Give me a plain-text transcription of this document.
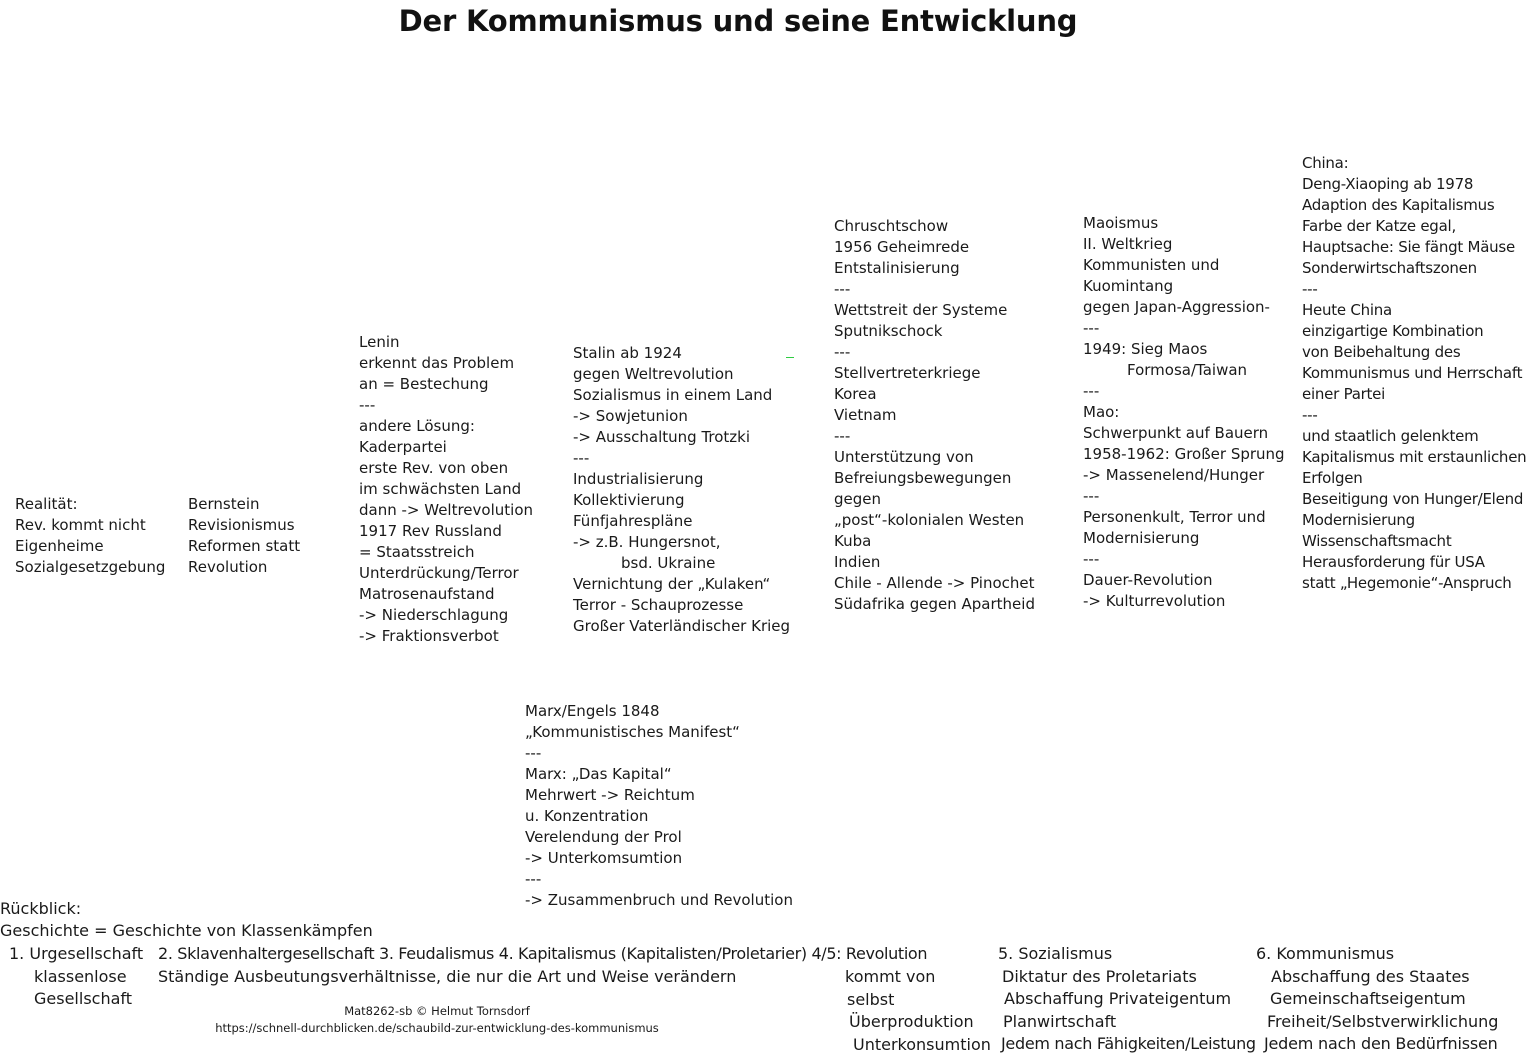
Der Kommunismus und seine Entwicklung
Realität:
Rev. kommt nicht
Eigenheime
Sozialgesetzgebung
Bernstein
Revisionismus
Reformen statt
Revolution
Lenin
erkennt das Problem
an = Bestechung
---
andere Lösung:
Kaderpartei
erste Rev. von oben
im schwächsten Land
dann -> Weltrevolution
1917 Rev Russland
= Staatsstreich
Unterdrückung/Terror
Matrosenaufstand
-> Niederschlagung
-> Fraktionsverbot
Stalin ab 1924
gegen Weltrevolution
Sozialismus in einem Land
-> Sowjetunion
-> Ausschaltung Trotzki
---
Industrialisierung
Kollektivierung
Fünfjahrespläne
-> z.B. Hungersnot,
bsd. Ukraine
Vernichtung der „Kulaken“
Terror - Schauprozesse
Großer Vaterländischer Krieg
Chruschtschow
1956 Geheimrede
Entstalinisierung
---
Wettstreit der Systeme
Sputnikschock
---
Stellvertreterkriege
Korea
Vietnam
---
Unterstützung von
Befreiungsbewegungen
gegen
„post“-kolonialen Westen
Kuba
Indien
Chile - Allende -> Pinochet
Südafrika gegen Apartheid
Maoismus
II. Weltkrieg
Kommunisten und
Kuomintang
gegen Japan-Aggression-
---
1949: Sieg Maos
Formosa/Taiwan
---
Mao:
Schwerpunkt auf Bauern
1958-1962: Großer Sprung
-> Massenelend/Hunger
---
Personenkult, Terror und
Modernisierung
---
Dauer-Revolution
-> Kulturrevolution
China:
Deng-Xiaoping ab 1978
Adaption des Kapitalismus
Farbe der Katze egal,
Hauptsache: Sie fängt Mäuse
Sonderwirtschaftszonen
---
Heute China
einzigartige Kombination
von Beibehaltung des
Kommunismus und Herrschaft
einer Partei
---
und staatlich gelenktem
Kapitalismus mit erstaunlichen
Erfolgen
Beseitigung von Hunger/Elend
Modernisierung
Wissenschaftsmacht
Herausforderung für USA
statt „Hegemonie“-Anspruch
Marx/Engels 1848
„Kommunistisches Manifest“
---
Marx: „Das Kapital“
Mehrwert -> Reichtum
u. Konzentration
Verelendung der Prol
-> Unterkomsumtion
---
-> Zusammenbruch und Revolution
Rückblick:
Geschichte = Geschichte von Klassenkämpfen
1. Urgesellschaft
klassenlose
Gesellschaft
2. Sklavenhaltergesellschaft 3. Feudalismus 4. Kapitalismus (Kapitalisten/Proletarier) 4/5: Revolution
Ständige Ausbeutungsverhältnisse, die nur die Art und Weise verändern	kommt von
selbst
Überproduktion
Unterkonsumtion
5. Sozialismus
Diktatur des Proletariats
Abschaffung Privateigentum
Planwirtschaft
Jedem nach Fähigkeiten/Leistung
6. Kommunismus
Abschaffung des Staates
Gemeinschaftseigentum
Freiheit/Selbstverwirklichung
Jedem nach den Bedürfnissen
Mat8262-sb © Helmut Tornsdorf
https://schnell-durchblicken.de/schaubild-zur-entwicklung-des-kommunismus
